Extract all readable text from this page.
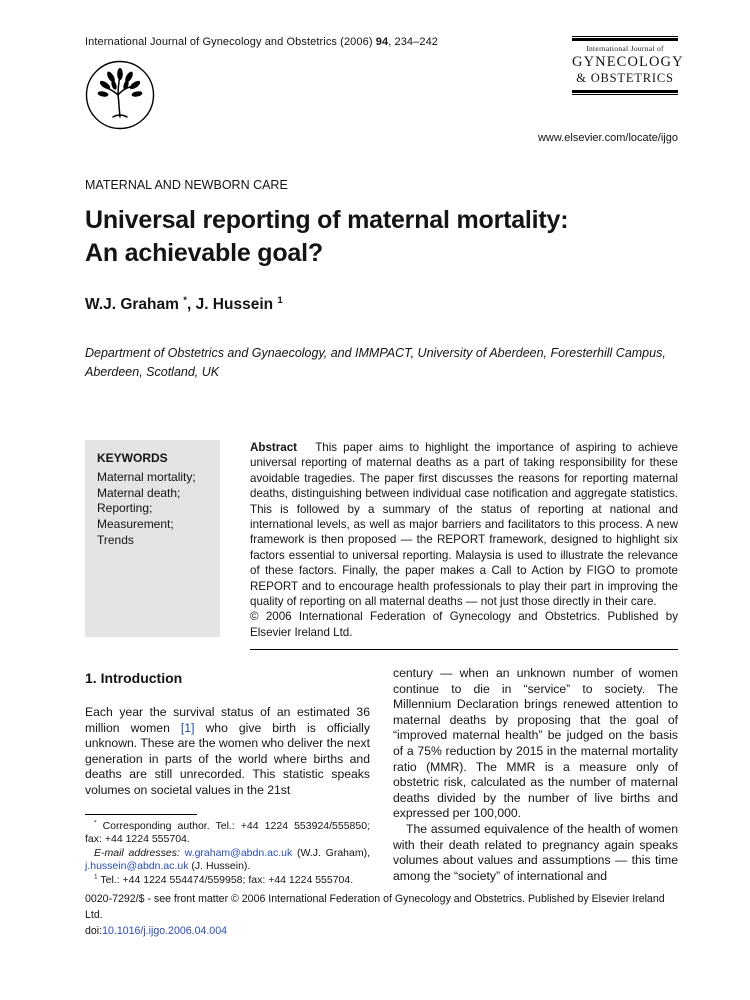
International Journal of Gynecology and Obstetrics (2006) 94, 234–242
International Journal of
GYNECOLOGY
& OBSTETRICS
www.elsevier.com/locate/ijgo
MATERNAL AND NEWBORN CARE
Universal reporting of maternal mortality:
An achievable goal?
W.J. Graham *, J. Hussein $^1$
Department of Obstetrics and Gynaecology, and IMMPACT, University of Aberdeen, Foresterhill Campus,
Aberdeen, Scotland, UK
KEYWORDS
Maternal mortality;
Maternal death;
Reporting;
Measurement;
Trends
Abstract This paper aims to highlight the importance of aspiring to achieve universal reporting of maternal deaths as a part of taking responsibility for these avoidable tragedies. The paper first discusses the reasons for reporting maternal deaths, distinguishing between individual case notification and aggregate statistics. This is followed by a summary of the status of reporting at national and international levels, as well as major barriers and facilitators to this process. A new framework is then proposed — the REPORT framework, designed to highlight six factors essential to universal reporting. Malaysia is used to illustrate the relevance of these factors. Finally, the paper makes a Call to Action by FIGO to promote REPORT and to encourage health professionals to play their part in improving the quality of reporting on all maternal deaths — not just those directly in their care.
© 2006 International Federation of Gynecology and Obstetrics. Published by Elsevier Ireland Ltd.
1. Introduction

Each year the survival status of an estimated 36 million women [1] who give birth is officially unknown. These are the women who deliver the next generation in parts of the world where births and deaths are still unrecorded. This statistic speaks volumes on societal values in the 21st

* Corresponding author. Tel.: +44 1224 553924/555850; fax: +44 1224 555704.
E-mail addresses: w.graham@abdn.ac.uk (W.J. Graham), j.hussein@abdn.ac.uk (J. Hussein).
$^1$ Tel.: +44 1224 554474/559958; fax: +44 1224 555704.

century — when an unknown number of women continue to die in “service” to society. The Millennium Declaration brings renewed attention to maternal deaths by proposing that the goal of “improved maternal health” be judged on the basis of a 75% reduction by 2015 in the maternal mortality ratio (MMR). The MMR is a measure only of obstetric risk, calculated as the number of maternal deaths divided by the number of live births and expressed per 100,000.

The assumed equivalence of the health of women with their death related to pregnancy again speaks volumes about values and assumptions — this time among the “society” of international and

0020-7292/$ - see front matter © 2006 International Federation of Gynecology and Obstetrics. Published by Elsevier Ireland Ltd.
doi:10.1016/j.ijgo.2006.04.004
